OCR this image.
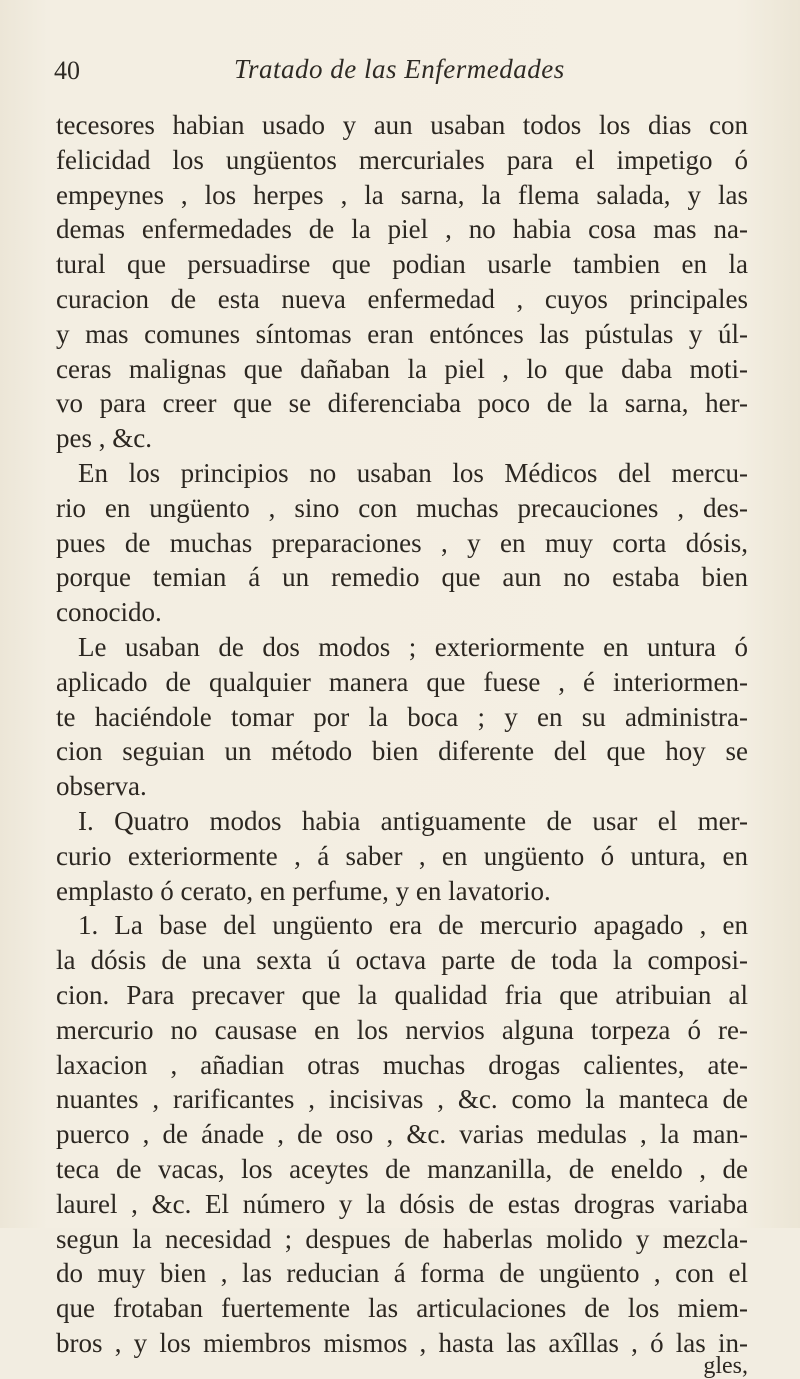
40	Tratado de las Enfermedades
tecesores habian usado y aun usaban todos los dias con
felicidad los ungüentos mercuriales para el impetigo ó
empeynes , los herpes , la sarna, la flema salada, y las
demas enfermedades de la piel , no habia cosa mas na-
tural que persuadirse que podian usarle tambien en la
curacion de esta nueva enfermedad , cuyos principales
y mas comunes síntomas eran entónces las pústulas y úl-
ceras malignas que dañaban la piel , lo que daba moti-
vo para creer que se diferenciaba poco de la sarna, her-
pes , &c.
En los principios no usaban los Médicos del mercu-
rio en ungüento , sino con muchas precauciones , des-
pues de muchas preparaciones , y en muy corta dósis,
porque temian á un remedio que aun no estaba bien
conocido.
Le usaban de dos modos ; exteriormente en untura ó
aplicado de qualquier manera que fuese , é interiormen-
te haciéndole tomar por la boca ; y en su administra-
cion seguian un método bien diferente del que hoy se
observa.
I. Quatro modos habia antiguamente de usar el mer-
curio exteriormente , á saber , en ungüento ó untura, en
emplasto ó cerato, en perfume, y en lavatorio.
1. La base del ungüento era de mercurio apagado , en
la dósis de una sexta ú octava parte de toda la composi-
cion. Para precaver que la qualidad fria que atribuian al
mercurio no causase en los nervios alguna torpeza ó re-
laxacion , añadian otras muchas drogas calientes, ate-
nuantes , rarificantes , incisivas , &c. como la manteca de
puerco , de ánade , de oso , &c. varias medulas , la man-
teca de vacas, los aceytes de manzanilla, de eneldo , de
laurel , &c. El número y la dósis de estas drogras variaba
segun la necesidad ; despues de haberlas molido y mezcla-
do muy bien , las reducian á forma de ungüento , con el
que frotaban fuertemente las articulaciones de los miem-
bros , y los miembros mismos , hasta las axîllas , ó las in-
gles,
